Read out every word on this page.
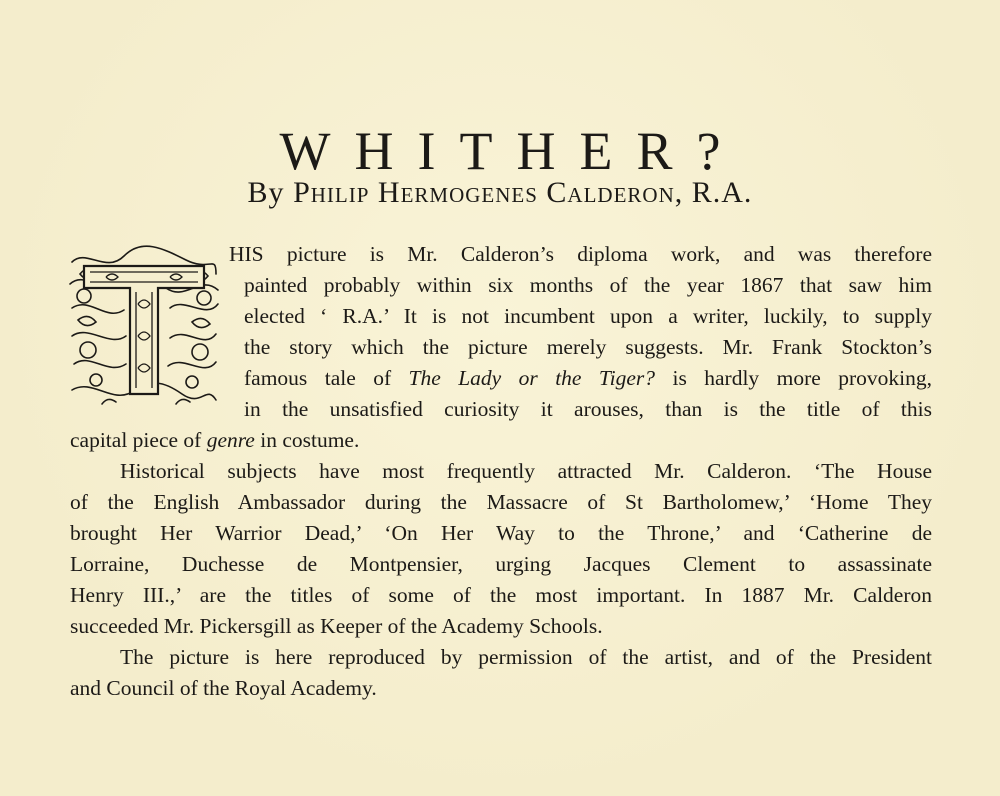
WHITHER?
By Philip Hermogenes Calderon, R.A.
HIS picture is Mr. Calderon’s diploma work, and was therefore
painted probably within six months of the year 1867 that saw him
elected ‘ R.A.’ It is not incumbent upon a writer, luckily, to supply
the story which the picture merely suggests. Mr. Frank Stockton’s
famous tale of The Lady or the Tiger? is hardly more provoking,
in the unsatisfied curiosity it arouses, than is the title of this
capital piece of genre in costume.
Historical subjects have most frequently attracted Mr. Calderon. ‘The House
of the English Ambassador during the Massacre of St Bartholomew,’ ‘Home They
brought Her Warrior Dead,’ ‘On Her Way to the Throne,’ and ‘Catherine de
Lorraine, Duchesse de Montpensier, urging Jacques Clement to assassinate
Henry III.,’ are the titles of some of the most important. In 1887 Mr. Calderon
succeeded Mr. Pickersgill as Keeper of the Academy Schools.
The picture is here reproduced by permission of the artist, and of the President
and Council of the Royal Academy.
